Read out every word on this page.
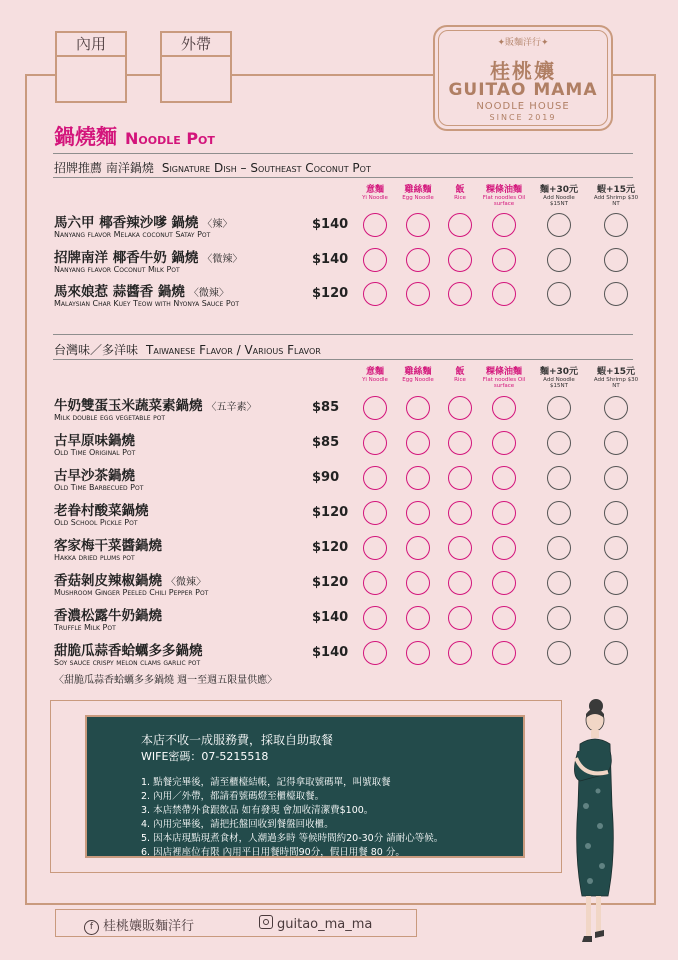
內用	外帶	✦販麵洋行✦
桂桃孃
GUITAO MAMA
NOODLE HOUSE
SINCE 2019
鍋燒麵 Noodle Pot
招牌推薦 南洋鍋燒 Signature Dish – Southeast Coconut Pot
意麵
Yi Noodle
雞絲麵
Egg Noodle
飯
Rice
粿條油麵
Flat noodles Oil surface
麵+30元
Add Noodle $15NT
蝦+15元
Add Shrimp $30 NT
馬六甲 椰香辣沙嗲 鍋燒 〈辣〉
Nanyang flavor Melaka coconut Satay Pot
$140
招牌南洋 椰香牛奶 鍋燒 〈微辣〉
Nanyang flavor Coconut Milk Pot
$140
馬來娘惹 蒜醬香 鍋燒 〈微辣〉
Malaysian Char Kuey Teow with Nyonya Sauce Pot
$120
台灣味／多洋味 Taiwanese Flavor / Various Flavor
意麵
Yi Noodle
雞絲麵
Egg Noodle
飯
Rice
粿條油麵
Flat noodles Oil surface
麵+30元
Add Noodle $15NT
蝦+15元
Add Shrimp $30 NT
牛奶雙蛋玉米蔬菜素鍋燒 〈五辛素〉
Milk double egg vegetable pot
$85
古早原味鍋燒
Old Time Original Pot
$85
古早沙茶鍋燒
Old Time Barbecued Pot
$90
老眷村酸菜鍋燒
Old School Pickle Pot
$120
客家梅干菜醬鍋燒
Hakka dried plums pot
$120
香菇剝皮辣椒鍋燒 〈微辣〉
Mushroom Ginger Peeled Chili Pepper Pot
$120
香濃松露牛奶鍋燒
Truffle Milk Pot
$140
甜脆瓜蒜香蛤蠣多多鍋燒
Soy sauce crispy melon clams garlic pot
$140
〈甜脆瓜蒜香蛤蠣多多鍋燒 週一至週五限量供應〉
本店不收一成服務費，採取自助取餐
WIFE密碼：07-5215518
1. 點餐完畢後，請至櫃檯結帳，記得拿取號碼單，叫號取餐
2. 內用／外帶，都請看號碼燈至櫃檯取餐。
3. 本店禁帶外食跟飲品 如有發現 會加收清潔費$100。
4. 內用完畢後，請把托盤回收到餐盤回收櫃。
5. 因本店現點現煮食材，人潮過多時 等候時間約20-30分 請耐心等候。
6. 因店裡座位有限 內用平日用餐時間90分，假日用餐 80 分。
f 桂桃孃販麵洋行	guitao_ma_ma
